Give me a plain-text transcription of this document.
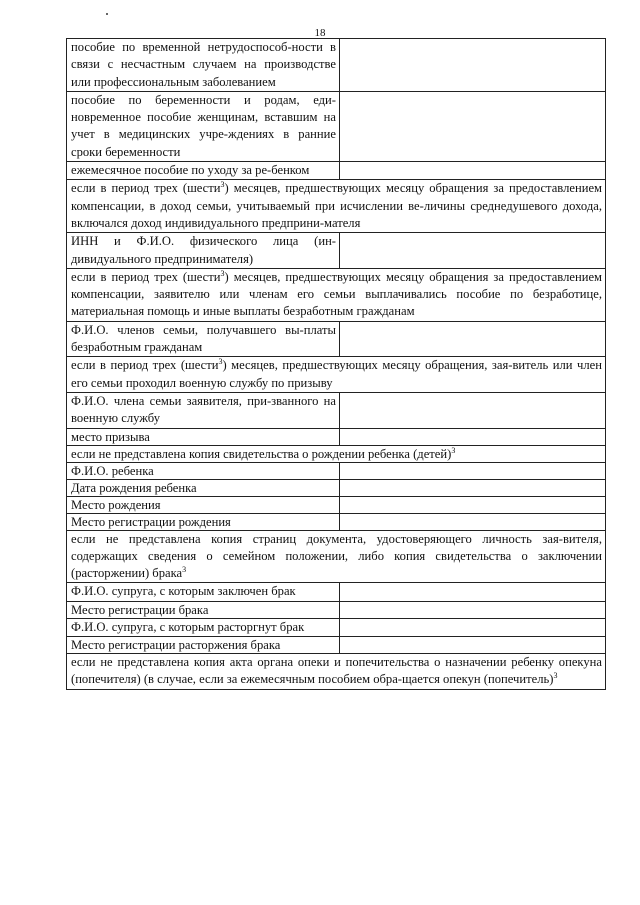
18
пособие по временной нетрудоспособ-ности в связи с несчастным случаем на производстве или профессиональным заболеванием	
пособие по беременности и родам, еди-новременное пособие женщинам, вставшим на учет в медицинских учре-ждениях в ранние сроки беременности	
ежемесячное пособие по уходу за ре-бенком	
если в период трех (шести$^3$) месяцев, предшествующих месяцу обращения за предоставлением компенсации, в доход семьи, учитываемый при исчислении ве-личины среднедушевого дохода, включался доход индивидуального предприни-мателя	
ИНН и Ф.И.О. физического лица (ин-дивидуального предпринимателя)	
если в период трех (шести$^3$) месяцев, предшествующих месяцу обращения за предоставлением компенсации, заявителю или членам его семьи выплачивались пособие по безработице, материальная помощь и иные выплаты безработным гражданам	
Ф.И.О. членов семьи, получавшего вы-платы безработным гражданам	
если в период трех (шести$^3$) месяцев, предшествующих месяцу обращения, зая-витель или член его семьи проходил военную службу по призыву	
Ф.И.О. члена семьи заявителя, при-званного на военную службу	
место призыва	
если не представлена копия свидетельства о рождении ребенка (детей)$^3$
Ф.И.О. ребенка	
Дата рождения ребенка	
Место рождения	
Место регистрации рождения	
если не представлена копия страниц документа, удостоверяющего личность зая-вителя, содержащих сведения о семейном положении, либо копия свидетельства о заключении (расторжении) брака$^3$
Ф.И.О. супруга, с которым заключен брак	
Место регистрации брака	
Ф.И.О. супруга, с которым расторгнут брак	
Место регистрации расторжения брака	
если не представлена копия акта органа опеки и попечительства о назначении ребенку опекуна (попечителя) (в случае, если за ежемесячным пособием обра-щается опекун (попечитель)$^3$
